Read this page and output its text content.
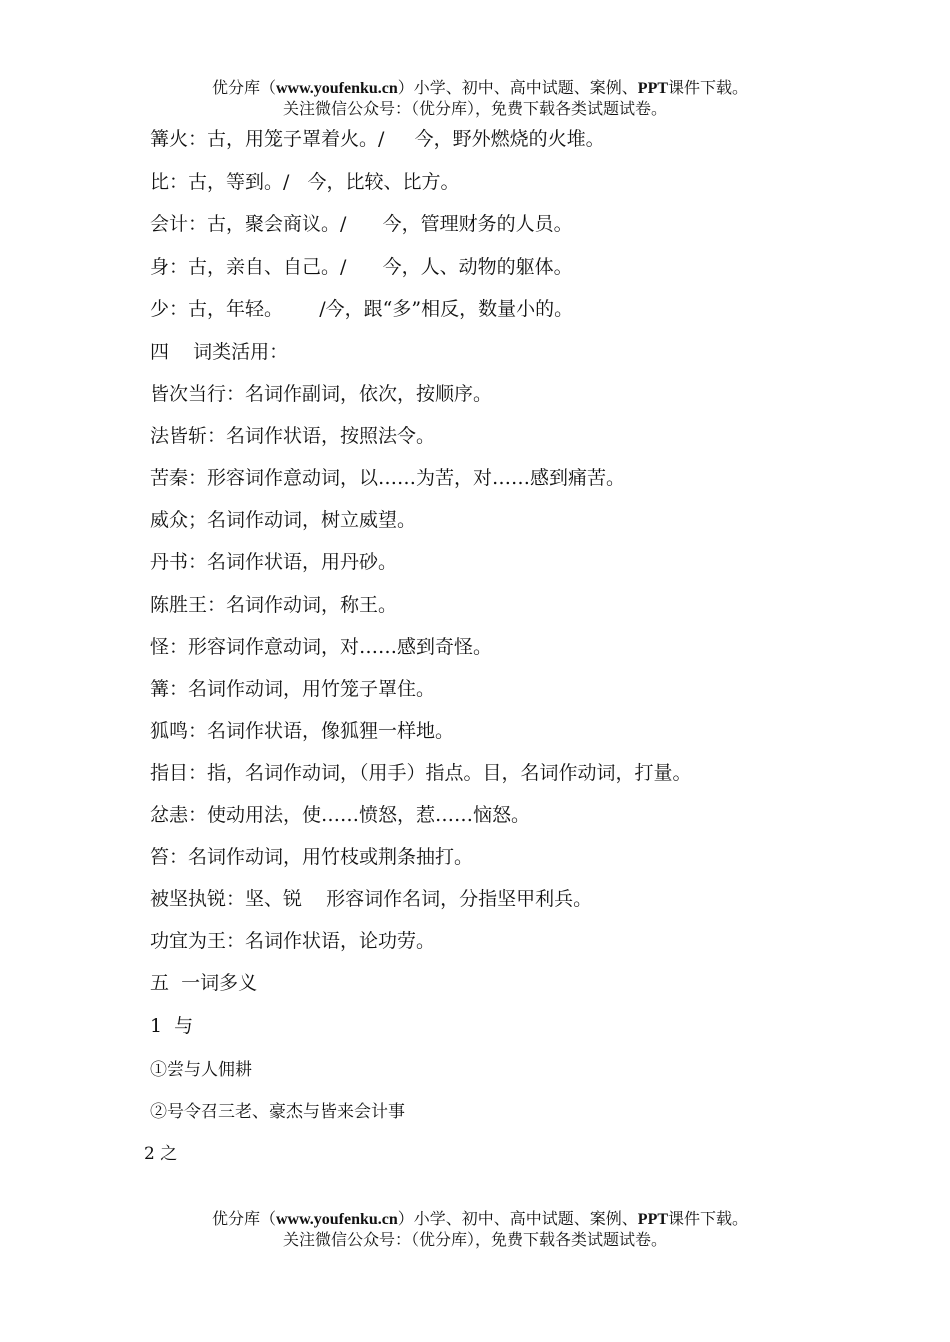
优分库（www.youfenku.cn）小学、初中、高中试题、案例、PPT课件下载。
关注微信公众号：（优分库），免费下载各类试题试卷。
篝火：古，用笼子罩着火。/     今，野外燃烧的火堆。
比：古，等到。/   今，比较、比方。
会计：古，聚会商议。/      今，管理财务的人员。
身：古，亲自、自己。/      今，人、动物的躯体。
少：古，年轻。      /今，跟“多”相反，数量小的。
四    词类活用：
皆次当行：名词作副词，依次，按顺序。
法皆斩：名词作状语，按照法令。
苦秦：形容词作意动词，以……为苦，对……感到痛苦。
威众；名词作动词，树立威望。
丹书：名词作状语，用丹砂。
陈胜王：名词作动词，称王。
怪：形容词作意动词，对……感到奇怪。
篝：名词作动词，用竹笼子罩住。
狐鸣：名词作状语，像狐狸一样地。
指目：指，名词作动词，（用手）指点。目，名词作动词，打量。
忿恚：使动用法，使……愤怒，惹……恼怒。
笞：名词作动词，用竹枝或荆条抽打。
被坚执锐：坚、锐    形容词作名词，分指坚甲利兵。
功宜为王：名词作状语，论功劳。
五  一词多义
1  与
①尝与人佣耕
②号令召三老、豪杰与皆来会计事
2 之
优分库（www.youfenku.cn）小学、初中、高中试题、案例、PPT课件下载。
关注微信公众号：（优分库），免费下载各类试题试卷。
